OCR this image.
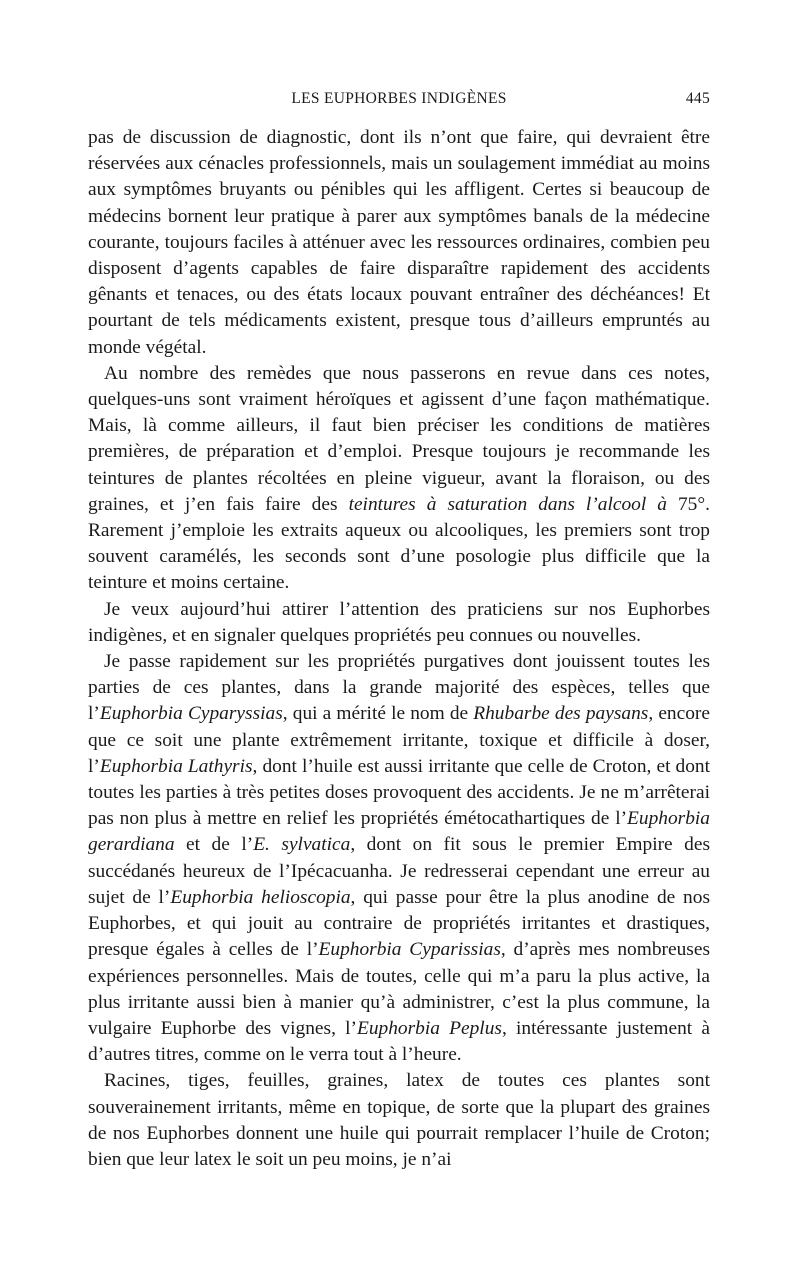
LES EUPHORBES INDIGÈNES	445

pas de discussion de diagnostic, dont ils n’ont que faire, qui devraient être réservées aux cénacles professionnels, mais un soulagement immédiat au moins aux symptômes bruyants ou pénibles qui les affligent. Certes si beaucoup de médecins bornent leur pratique à parer aux symptômes banals de la médecine courante, toujours faciles à atténuer avec les ressources ordinaires, combien peu disposent d’agents capables de faire disparaître rapidement des accidents gênants et tenaces, ou des états locaux pouvant entraîner des déchéances! Et pourtant de tels médicaments existent, presque tous d’ailleurs empruntés au monde végétal.

Au nombre des remèdes que nous passerons en revue dans ces notes, quelques-uns sont vraiment héroïques et agissent d’une façon mathématique. Mais, là comme ailleurs, il faut bien préciser les conditions de matières premières, de préparation et d’emploi. Presque toujours je recommande les teintures de plantes récoltées en pleine vigueur, avant la floraison, ou des graines, et j’en fais faire des teintures à saturation dans l’alcool à 75°. Rarement j’emploie les extraits aqueux ou alcooliques, les premiers sont trop souvent caramélés, les seconds sont d’une posologie plus difficile que la teinture et moins certaine.

Je veux aujourd’hui attirer l’attention des praticiens sur nos Euphorbes indigènes, et en signaler quelques propriétés peu connues ou nouvelles.

Je passe rapidement sur les propriétés purgatives dont jouissent toutes les parties de ces plantes, dans la grande majorité des espèces, telles que l’Euphorbia Cyparyssias, qui a mérité le nom de Rhubarbe des paysans, encore que ce soit une plante extrêmement irritante, toxique et difficile à doser, l’Euphorbia Lathyris, dont l’huile est aussi irritante que celle de Croton, et dont toutes les parties à très petites doses provoquent des accidents. Je ne m’arrêterai pas non plus à mettre en relief les propriétés émétocathartiques de l’Euphorbia gerardiana et de l’E. sylvatica, dont on fit sous le premier Empire des succédanés heureux de l’Ipécacuanha. Je redresserai cependant une erreur au sujet de l’Euphorbia helioscopia, qui passe pour être la plus anodine de nos Euphorbes, et qui jouit au contraire de propriétés irritantes et drastiques, presque égales à celles de l’Euphorbia Cyparissias, d’après mes nombreuses expériences personnelles. Mais de toutes, celle qui m’a paru la plus active, la plus irritante aussi bien à manier qu’à administrer, c’est la plus commune, la vulgaire Euphorbe des vignes, l’Euphorbia Peplus, intéressante justement à d’autres titres, comme on le verra tout à l’heure.

Racines, tiges, feuilles, graines, latex de toutes ces plantes sont souverainement irritants, même en topique, de sorte que la plupart des graines de nos Euphorbes donnent une huile qui pourrait remplacer l’huile de Croton; bien que leur latex le soit un peu moins, je n’ai
